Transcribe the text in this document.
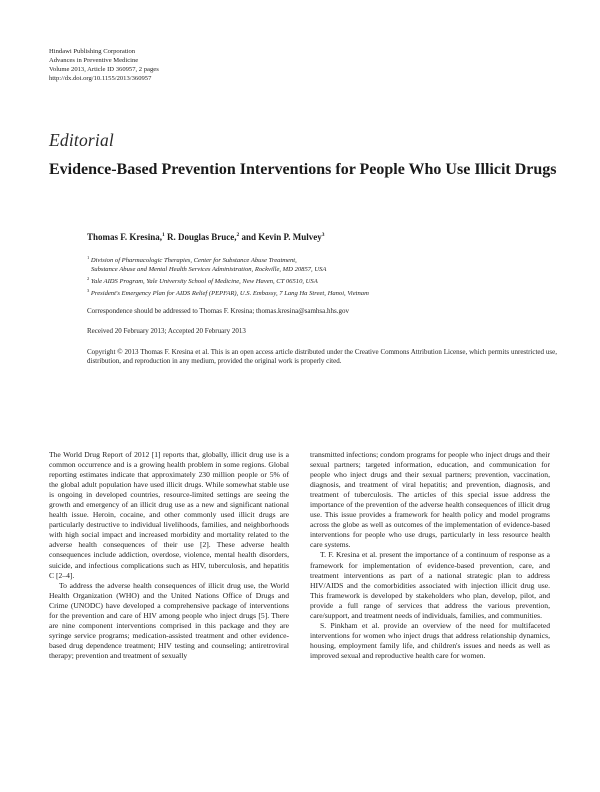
Hindawi Publishing Corporation
Advances in Preventive Medicine
Volume 2013, Article ID 360957, 2 pages
http://dx.doi.org/10.1155/2013/360957
Editorial
Evidence-Based Prevention Interventions for People Who Use Illicit Drugs
Thomas F. Kresina,$^1$ R. Douglas Bruce,$^2$ and Kevin P. Mulvey$^3$
$^1$ Division of Pharmacologic Therapies, Center for Substance Abuse Treatment,
Substance Abuse and Mental Health Services Administration, Rockville, MD 20857, USA
$^2$ Yale AIDS Program, Yale University School of Medicine, New Haven, CT 06510, USA
$^3$ President's Emergency Plan for AIDS Relief (PEPFAR), U.S. Embassy, 7 Lang Ha Street, Hanoi, Vietnam
Correspondence should be addressed to Thomas F. Kresina; thomas.kresina@samhsa.hhs.gov
Received 20 February 2013; Accepted 20 February 2013
Copyright © 2013 Thomas F. Kresina et al. This is an open access article distributed under the Creative Commons Attribution License, which permits unrestricted use, distribution, and reproduction in any medium, provided the original work is properly cited.

The World Drug Report of 2012 [1] reports that, globally, illicit drug use is a common occurrence and is a growing health problem in some regions. Global reporting estimates indicate that approximately 230 million people or 5% of the global adult population have used illicit drugs. While somewhat stable use is ongoing in developed countries, resource-limited settings are seeing the growth and emergency of an illicit drug use as a new and significant national health issue. Heroin, cocaine, and other commonly used illicit drugs are particularly destructive to individual livelihoods, families, and neighborhoods with high social impact and increased morbidity and mortality related to the adverse health consequences of their use [2]. These adverse health consequences include addiction, overdose, violence, mental health disorders, suicide, and infectious complications such as HIV, tuberculosis, and hepatitis C [2–4].

To address the adverse health consequences of illicit drug use, the World Health Organization (WHO) and the United Nations Office of Drugs and Crime (UNODC) have developed a comprehensive package of interventions for the prevention and care of HIV among people who inject drugs [5]. There are nine component interventions comprised in this package and they are syringe service programs; medication-assisted treatment and other evidence-based drug dependence treatment; HIV testing and counseling; antiretroviral therapy; prevention and treatment of sexually

transmitted infections; condom programs for people who inject drugs and their sexual partners; targeted information, education, and communication for people who inject drugs and their sexual partners; prevention, vaccination, diagnosis, and treatment of viral hepatitis; and prevention, diagnosis, and treatment of tuberculosis. The articles of this special issue address the importance of the prevention of the adverse health consequences of illicit drug use. This issue provides a framework for health policy and model programs across the globe as well as outcomes of the implementation of evidence-based interventions for people who use drugs, particularly in less resource health care systems.

T. F. Kresina et al. present the importance of a continuum of response as a framework for implementation of evidence-based prevention, care, and treatment interventions as part of a national strategic plan to address HIV/AIDS and the comorbidities associated with injection illicit drug use. This framework is developed by stakeholders who plan, develop, pilot, and provide a full range of services that address the various prevention, care/support, and treatment needs of individuals, families, and communities.

S. Pinkham et al. provide an overview of the need for multifaceted interventions for women who inject drugs that address relationship dynamics, housing, employment family life, and children's issues and needs as well as improved sexual and reproductive health care for women.
